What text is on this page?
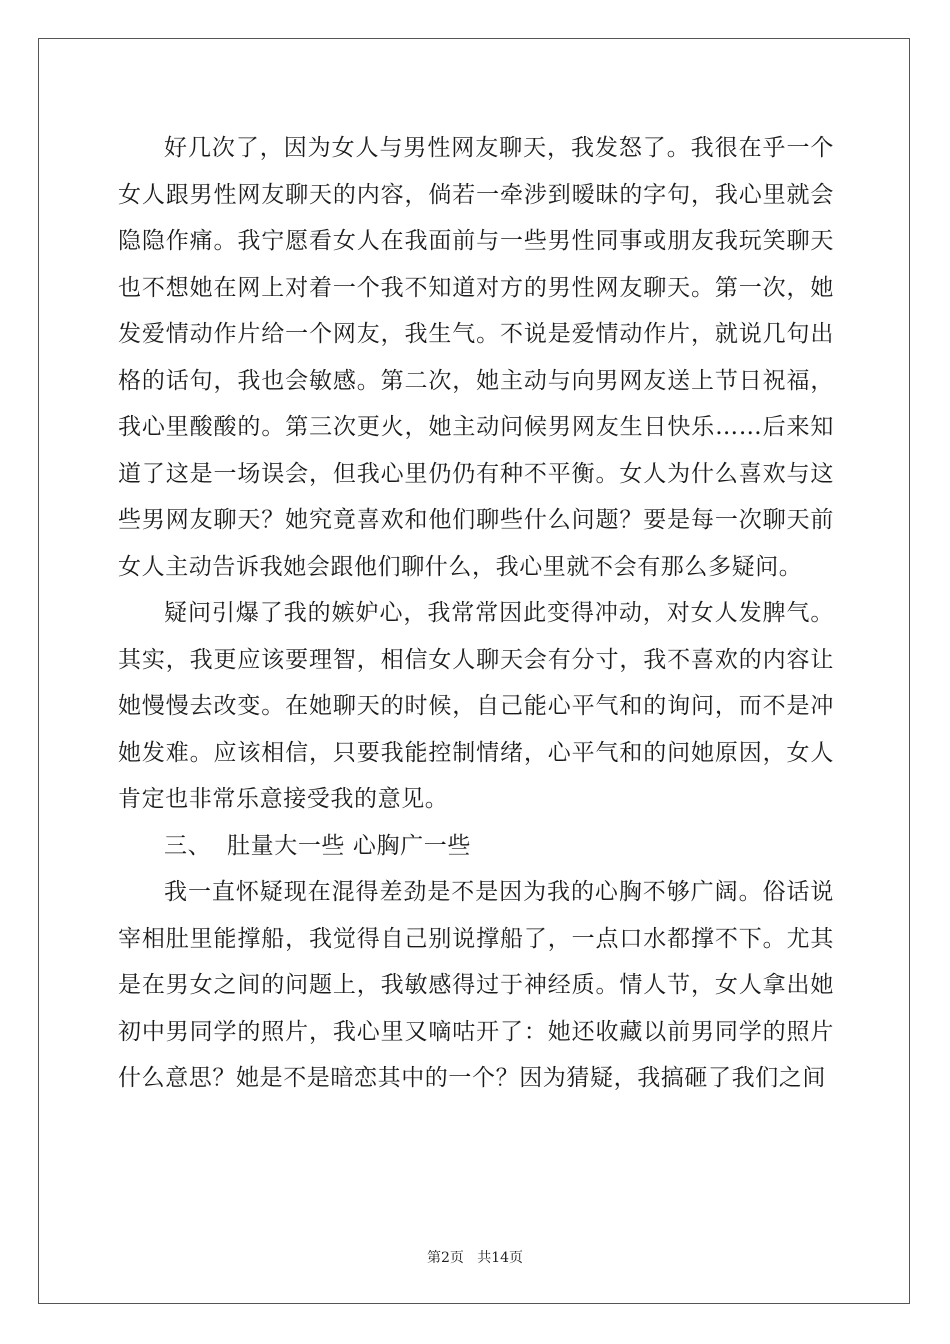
好几次了，因为女人与男性网友聊天，我发怒了。我很在乎一个女人跟男性网友聊天的内容，倘若一牵涉到暧昧的字句，我心里就会隐隐作痛。我宁愿看女人在我面前与一些男性同事或朋友我玩笑聊天也不想她在网上对着一个我不知道对方的男性网友聊天。第一次，她发爱情动作片给一个网友，我生气。不说是爱情动作片，就说几句出格的话句，我也会敏感。第二次，她主动与向男网友送上节日祝福，我心里酸酸的。第三次更火，她主动问候男网友生日快乐……后来知道了这是一场误会，但我心里仍仍有种不平衡。女人为什么喜欢与这些男网友聊天？她究竟喜欢和他们聊些什么问题？要是每一次聊天前女人主动告诉我她会跟他们聊什么，我心里就不会有那么多疑问。

疑问引爆了我的嫉妒心，我常常因此变得冲动，对女人发脾气。其实，我更应该要理智，相信女人聊天会有分寸，我不喜欢的内容让她慢慢去改变。在她聊天的时候，自己能心平气和的询问，而不是冲她发难。应该相信，只要我能控制情绪，心平气和的问她原因，女人肯定也非常乐意接受我的意见。

三、  肚量大一些 心胸广一些

我一直怀疑现在混得差劲是不是因为我的心胸不够广阔。俗话说宰相肚里能撑船，我觉得自己别说撑船了，一点口水都撑不下。尤其是在男女之间的问题上，我敏感得过于神经质。情人节，女人拿出她初中男同学的照片，我心里又嘀咕开了：她还收藏以前男同学的照片什么意思？她是不是暗恋其中的一个？因为猜疑，我搞砸了我们之间

第2页   共14页
